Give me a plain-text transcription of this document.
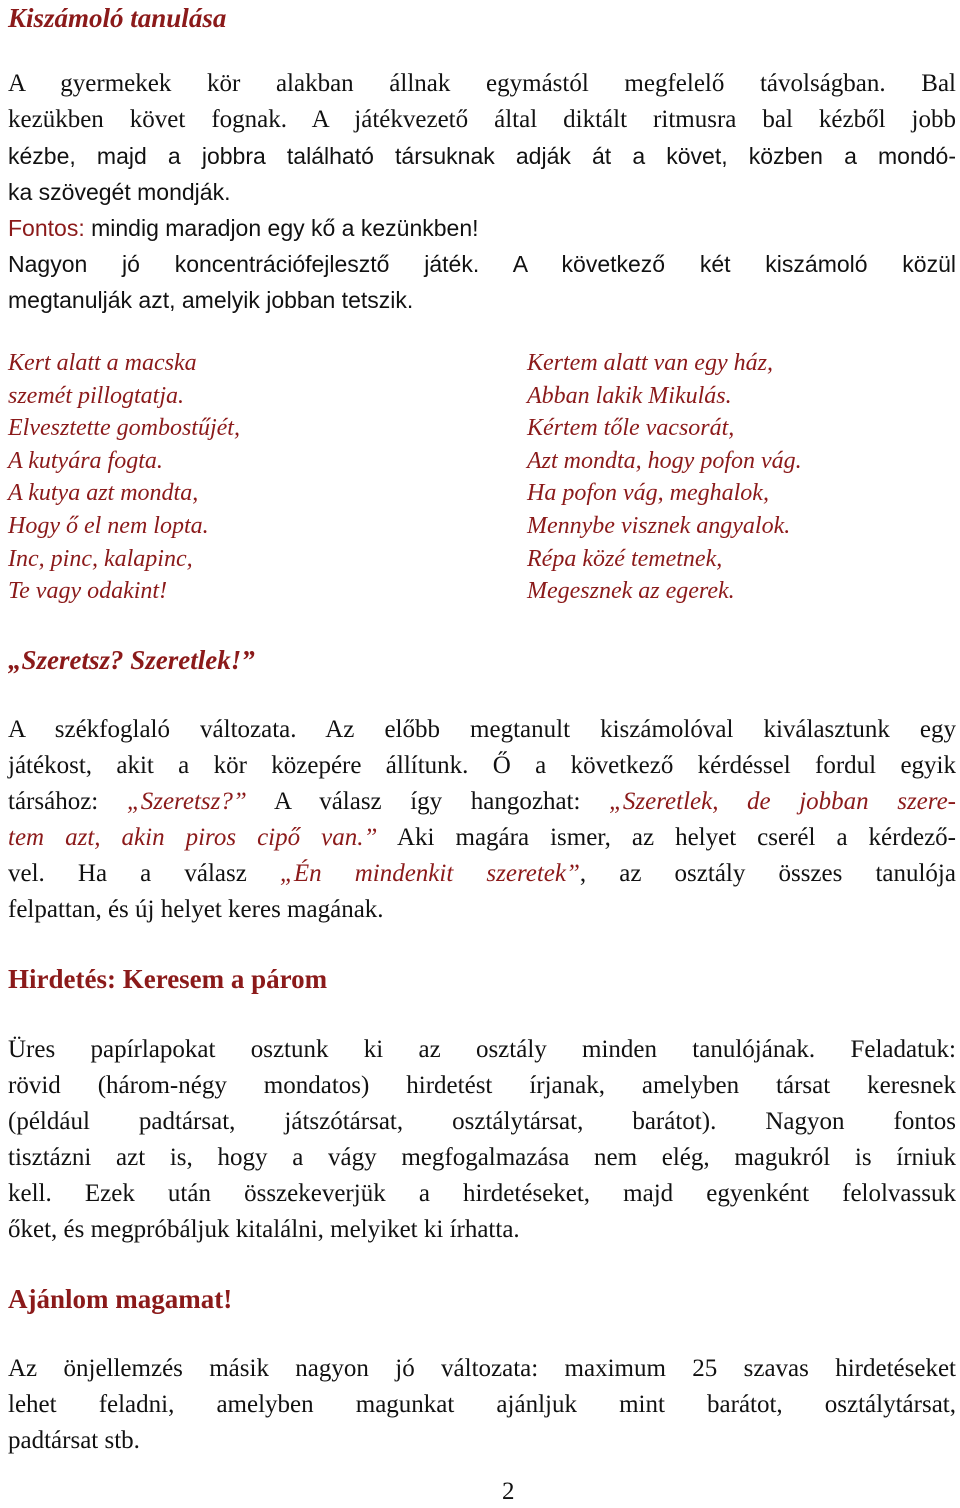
Kiszámoló tanulása
A gyermekek kör alakban állnak egymástól megfelelő távolságban. Bal
kezükben követ fognak. A játékvezető által diktált ritmusra bal kézből jobb
kézbe, majd a jobbra található társuknak adják át a követ, közben a mondó-
ka szövegét mondják.
Fontos: mindig maradjon egy kő a kezünkben!
Nagyon jó koncentrációfejlesztő játék. A következő két kiszámoló közül
megtanulják azt, amelyik jobban tetszik.
Kert alatt a macska
szemét pillogtatja.
Elvesztette gombostűjét,
A kutyára fogta.
A kutya azt mondta,
Hogy ő el nem lopta.
Inc, pinc, kalapinc,
Te vagy odakint!
Kertem alatt van egy ház,
Abban lakik Mikulás.
Kértem tőle vacsorát,
Azt mondta, hogy pofon vág.
Ha pofon vág, meghalok,
Mennybe visznek angyalok.
Répa közé temetnek,
Megesznek az egerek.
„Szeretsz? Szeretlek!”
A székfoglaló változata. Az előbb megtanult kiszámolóval kiválasztunk egy
játékost, akit a kör közepére állítunk. Ő a következő kérdéssel fordul egyik
társához: „Szeretsz?” A válasz így hangozhat: „Szeretlek, de jobban szere-
tem azt, akin piros cipő van.” Aki magára ismer, az helyet cserél a kérdező-
vel. Ha a válasz „Én mindenkit szeretek”, az osztály összes tanulója
felpattan, és új helyet keres magának.
Hirdetés: Keresem a párom
Üres papírlapokat osztunk ki az osztály minden tanulójának. Feladatuk:
rövid (három-négy mondatos) hirdetést írjanak, amelyben társat keresnek
(például padtársat, játszótársat, osztálytársat, barátot). Nagyon fontos
tisztázni azt is, hogy a vágy megfogalmazása nem elég, magukról is írniuk
kell. Ezek után összekeverjük a hirdetéseket, majd egyenként felolvassuk
őket, és megpróbáljuk kitalálni, melyiket ki írhatta.
Ajánlom magamat!
Az önjellemzés másik nagyon jó változata: maximum 25 szavas hirdetéseket
lehet feladni, amelyben magunkat ajánljuk mint barátot, osztálytársat,
padtársat stb.
2
